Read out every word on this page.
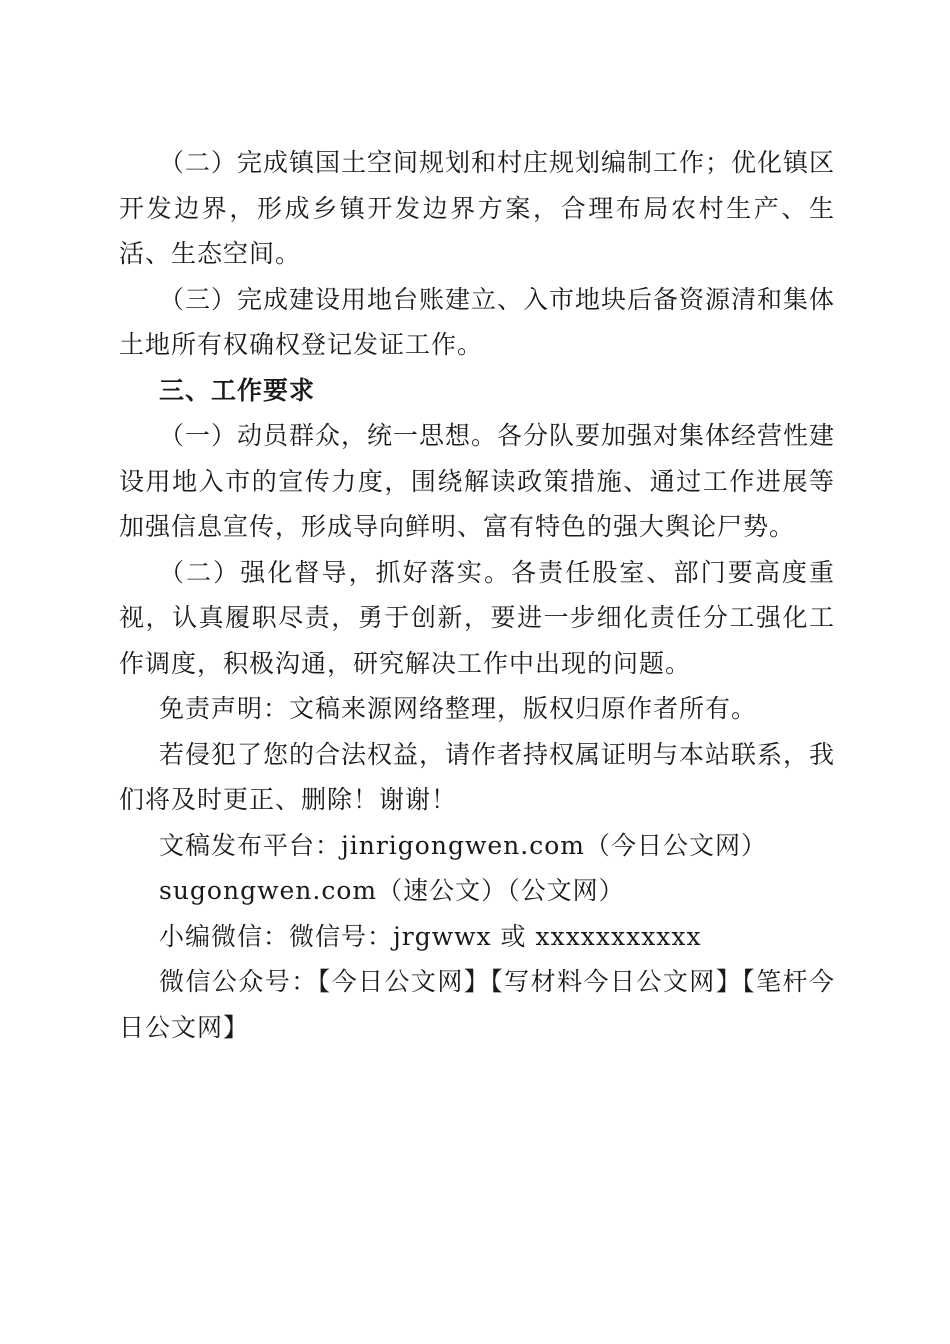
（二）完成镇国土空间规划和村庄规划编制工作；优化镇区开发边界，形成乡镇开发边界方案，合理布局农村生产、生活、生态空间。

（三）完成建设用地台账建立、入市地块后备资源清和集体土地所有权确权登记发证工作。

三、工作要求

（一）动员群众，统一思想。各分队要加强对集体经营性建设用地入市的宣传力度，围绕解读政策措施、通过工作进展等加强信息宣传，形成导向鲜明、富有特色的强大舆论尸势。

（二）强化督导，抓好落实。各责任股室、部门要高度重视，认真履职尽责，勇于创新，要进一步细化责任分工强化工作调度，积极沟通，研究解决工作中出现的问题。

免责声明：文稿来源网络整理，版权归原作者所有。

若侵犯了您的合法权益，请作者持权属证明与本站联系，我们将及时更正、删除！谢谢！

文稿发布平台：jinrigongwen.com（今日公文网）

sugongwen.com（速公文）（公文网）

小编微信：微信号：jrgwwx 或 xxxxxxxxxxx

微信公众号：【今日公文网】【写材料今日公文网】【笔杆今日公文网】
